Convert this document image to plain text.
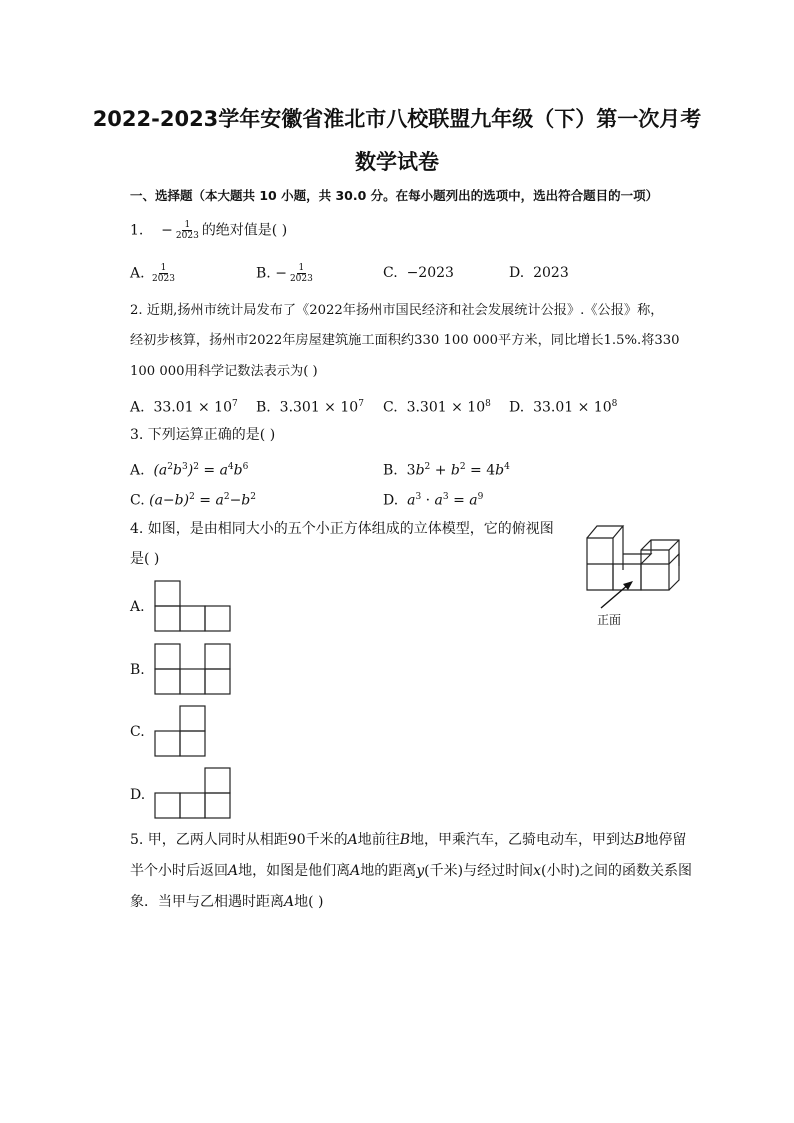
2022-2023学年安徽省淮北市八校联盟九年级（下）第一次月考
数学试卷
一、选择题（本大题共 10 小题，共 30.0 分。在每小题列出的选项中，选出符合题目的一项）
1. − $\frac{1}{2023}$ 的绝对值是( )
A. $\frac{1}{2023}$	B. − $\frac{1}{2023}$	C. −2023	D. 2023
2. 近期,扬州市统计局发布了《2022年扬州市国民经济和社会发展统计公报》.《公报》称，
经初步核算，扬州市2022年房屋建筑施工面积约330 100 000平方米，同比增长1.5%.将330
100 000用科学记数法表示为( )
A. $33.01 \times 10^7$ B. $3.301 \times 10^7$ C. $3.301 \times 10^8$ D. $33.01 \times 10^8$
3. 下列运算正确的是( )
A. $(a^2b^3)^2 = a^4b^6$	B.  $3b^2 + b^2 = 4b^4$
C. $(a-b)^2 = a^2-b^2$	D. $a^3 \cdot a^3 = a^9$
4. 如图，是由相同大小的五个小正方体组成的立体模型，它的俯视图
是( )
正面
A.
B.
C.
D.
5. 甲，乙两人同时从相距90千米的A地前往B地，甲乘汽车，乙骑电动车，甲到达B地停留
半个小时后返回A地，如图是他们离A地的距离y(千米)与经过时间x(小时)之间的函数关系图
象．当甲与乙相遇时距离A地( )
